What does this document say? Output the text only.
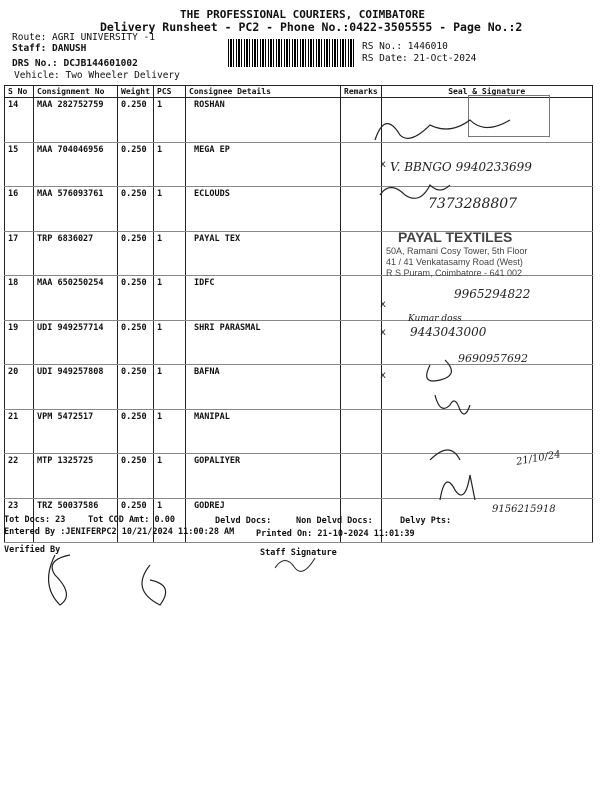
THE PROFESSIONAL COURIERS, COIMBATORE
Delivery Runsheet - PC2 - Phone No.:0422-3505555 - Page No.:2
Route: AGRI UNIVERSITY -1
Staff: DANUSH
DRS No.: DCJB144601002
Vehicle: Two Wheeler Delivery
RS No.: 1446010
RS Date: 21-Oct-2024
S No	Consignment No	Weight	PCS	Consignee Details	Remarks	Seal & Signature
14	MAA 282752759	0.250	1	ROSHAN		
15	MAA 704046956	0.250	1	MEGA EP		
16	MAA 576093761	0.250	1	ECLOUDS		
17	TRP 6836027	0.250	1	PAYAL TEX		
18	MAA 650250254	0.250	1	IDFC		
19	UDI 949257714	0.250	1	SHRI PARASMAL		
20	UDI 949257808	0.250	1	BAFNA		
21	VPM 5472517	0.250	1	MANIPAL		
22	MTP 1325725	0.250	1	GOPALIYER		
23	TRZ 50037586	0.250	1	GODREJ		
PAYAL TEXTILES
50A, Ramani Cosy Tower, 5th Floor
41 / 41 Venkatasamy Road (West)
R S Puram, Coimbatore - 641 002
V. BBNGO 9940233699
7373288807
9965294822
Kumar doss
9443043000
9690957692
21/10/24
9156215918
x
x
x
x
Tot Docs: 23	Tot COD Amt: 0.00	Delvd Docs:	Non Delvd Docs:	Delvy Pts:
Entered By :JENIFERPC2 10/21/2024 11:00:28 AM	Printed On: 21-10-2024 11:01:39
Verified By	Staff Signature
